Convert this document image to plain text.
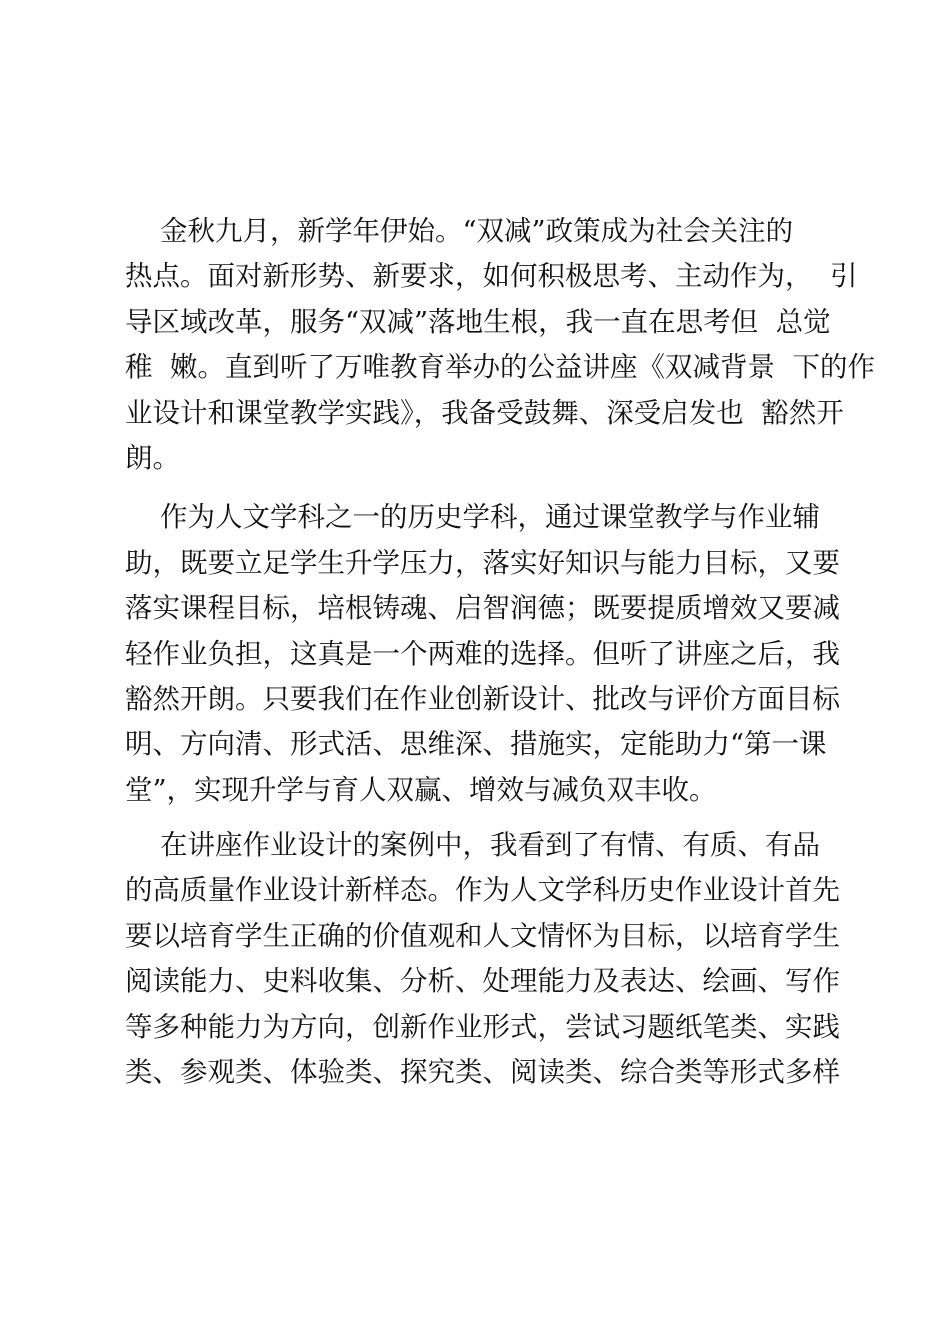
金秋九月，新学年伊始。“双减”政策成为社会关注的
热点。面对新形势、新要求，如何积极思考、主动作为，  引
导区域改革，服务“双减”落地生根，我一直在思考但  总觉
稚  嫩。直到听了万唯教育举办的公益讲座《双减背景  下的作
业设计和课堂教学实践》，我备受鼓舞、深受启发也  豁然开
朗。
作为人文学科之一的历史学科，通过课堂教学与作业辅
助，既要立足学生升学压力，落实好知识与能力目标，又要
落实课程目标，培根铸魂、启智润德；既要提质增效又要减
轻作业负担，这真是一个两难的选择。但听了讲座之后，我
豁然开朗。只要我们在作业创新设计、批改与评价方面目标
明、方向清、形式活、思维深、措施实，定能助力“第一课
堂”，实现升学与育人双赢、增效与减负双丰收。
在讲座作业设计的案例中，我看到了有情、有质、有品
的高质量作业设计新样态。作为人文学科历史作业设计首先
要以培育学生正确的价值观和人文情怀为目标，以培育学生
阅读能力、史料收集、分析、处理能力及表达、绘画、写作
等多种能力为方向，创新作业形式，尝试习题纸笔类、实践
类、参观类、体验类、探究类、阅读类、综合类等形式多样
